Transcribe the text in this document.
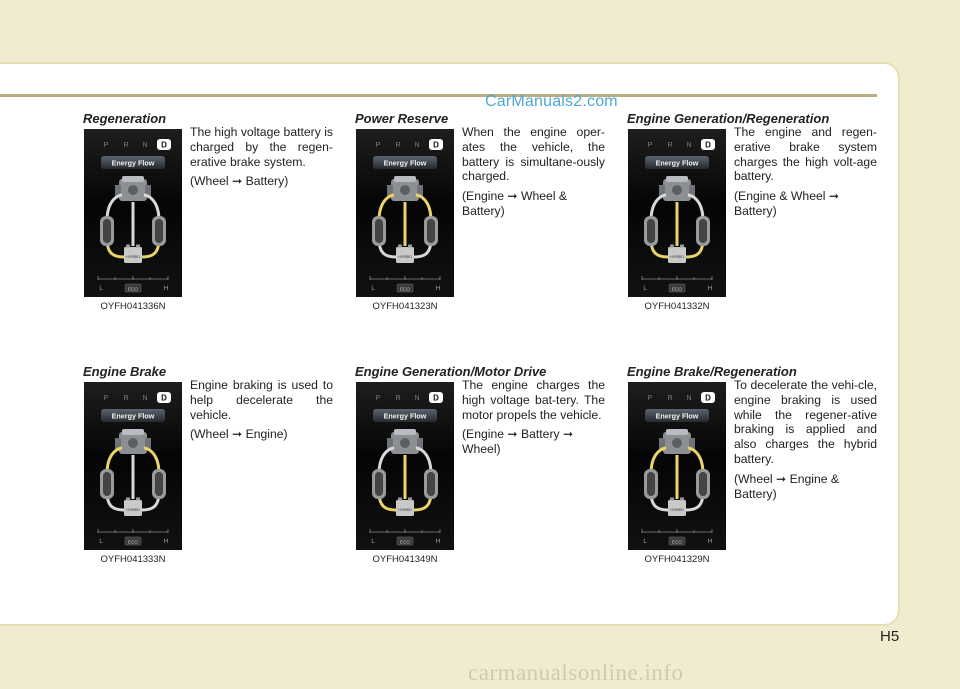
CarManuals2.com
Regeneration
P R N D
Energy Flow
HYBRID
L	ECO	H
OYFH041336N

The high voltage battery is charged by the regen-erative brake system.

(Wheel ➞ Battery)

Power Reserve
P R N D
Energy Flow
HYBRID
L	ECO	H
OYFH041323N

When the engine oper-ates the vehicle, the battery is simultane-ously charged.

(Engine ➞ Wheel & Battery)

Engine Generation/Regeneration
P R N D
Energy Flow
HYBRID
L	ECO	H
OYFH041332N

The engine and regen-erative brake system charges the high volt-age battery.

(Engine & Wheel ➞ Battery)

Engine Brake
P R N D
Energy Flow
HYBRID
L	ECO	H
OYFH041333N

Engine braking is used to help decelerate the vehicle.

(Wheel ➞ Engine)

Engine Generation/Motor Drive
P R N D
Energy Flow
HYBRID
L	ECO	H
OYFH041349N

The engine charges the high voltage bat-tery. The motor propels the vehicle.

(Engine ➞ Battery ➞ Wheel)

Engine Brake/Regeneration
P R N D
Energy Flow
HYBRID
L	ECO	H
OYFH041329N

To decelerate the vehi-cle, engine braking is used while the regener-ative braking is applied and also charges the hybrid battery.

(Wheel ➞ Engine & Battery)

H5
carmanualsonline.info
